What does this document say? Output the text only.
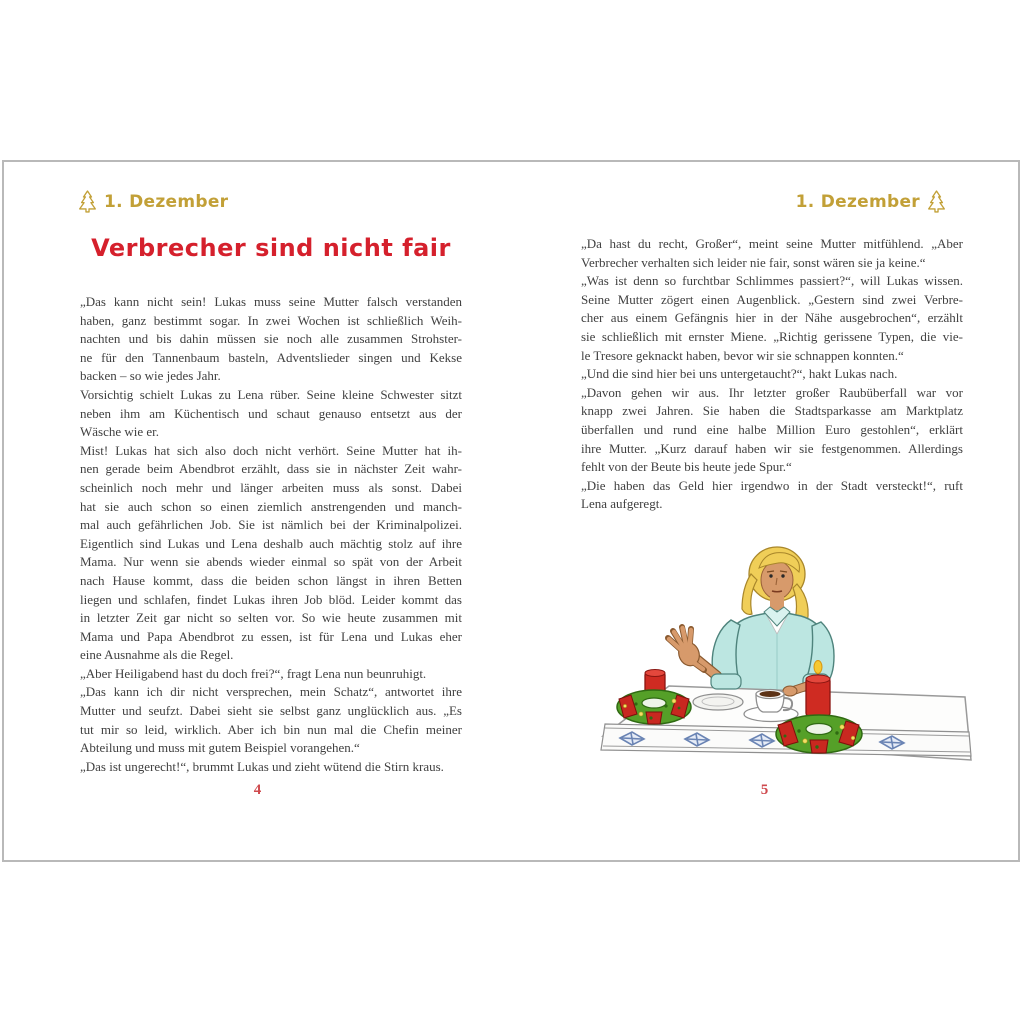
1. Dezember
Verbrecher sind nicht fair
„Das kann nicht sein! Lukas muss seine Mutter falsch verstanden
haben, ganz bestimmt sogar. In zwei Wochen ist schließlich Weih-
nachten und bis dahin müssen sie noch alle zusammen Strohster-
ne für den Tannenbaum basteln, Adventslieder singen und Kekse
backen – so wie jedes Jahr.
Vorsichtig schielt Lukas zu Lena rüber. Seine kleine Schwester sitzt
neben ihm am Küchentisch und schaut genauso entsetzt aus der
Wäsche wie er.
Mist! Lukas hat sich also doch nicht verhört. Seine Mutter hat ih-
nen gerade beim Abendbrot erzählt, dass sie in nächster Zeit wahr-
scheinlich noch mehr und länger arbeiten muss als sonst. Dabei
hat sie auch schon so einen ziemlich anstrengenden und manch-
mal auch gefährlichen Job. Sie ist nämlich bei der Kriminalpolizei.
Eigentlich sind Lukas und Lena deshalb auch mächtig stolz auf ihre
Mama. Nur wenn sie abends wieder einmal so spät von der Arbeit
nach Hause kommt, dass die beiden schon längst in ihren Betten
liegen und schlafen, findet Lukas ihren Job blöd. Leider kommt das
in letzter Zeit gar nicht so selten vor. So wie heute zusammen mit
Mama und Papa Abendbrot zu essen, ist für Lena und Lukas eher
eine Ausnahme als die Regel.
„Aber Heiligabend hast du doch frei?“, fragt Lena nun beunruhigt.
„Das kann ich dir nicht versprechen, mein Schatz“, antwortet ihre
Mutter und seufzt. Dabei sieht sie selbst ganz unglücklich aus. „Es
tut mir so leid, wirklich. Aber ich bin nun mal die Chefin meiner
Abteilung und muss mit gutem Beispiel vorangehen.“
„Das ist ungerecht!“, brummt Lukas und zieht wütend die Stirn kraus.
4
1. Dezember
„Da hast du recht, Großer“, meint seine Mutter mitfühlend. „Aber
Verbrecher verhalten sich leider nie fair, sonst wären sie ja keine.“
„Was ist denn so furchtbar Schlimmes passiert?“, will Lukas wissen.
Seine Mutter zögert einen Augenblick. „Gestern sind zwei Verbre-
cher aus einem Gefängnis hier in der Nähe ausgebrochen“, erzählt
sie schließlich mit ernster Miene. „Richtig gerissene Typen, die vie-
le Tresore geknackt haben, bevor wir sie schnappen konnten.“
„Und die sind hier bei uns untergetaucht?“, hakt Lukas nach.
„Davon gehen wir aus. Ihr letzter großer Raubüberfall war vor
knapp zwei Jahren. Sie haben die Stadtsparkasse am Marktplatz
überfallen und rund eine halbe Million Euro gestohlen“, erklärt
ihre Mutter. „Kurz darauf haben wir sie festgenommen. Allerdings
fehlt von der Beute bis heute jede Spur.“
„Die haben das Geld hier irgendwo in der Stadt versteckt!“, ruft
Lena aufgeregt.
5
